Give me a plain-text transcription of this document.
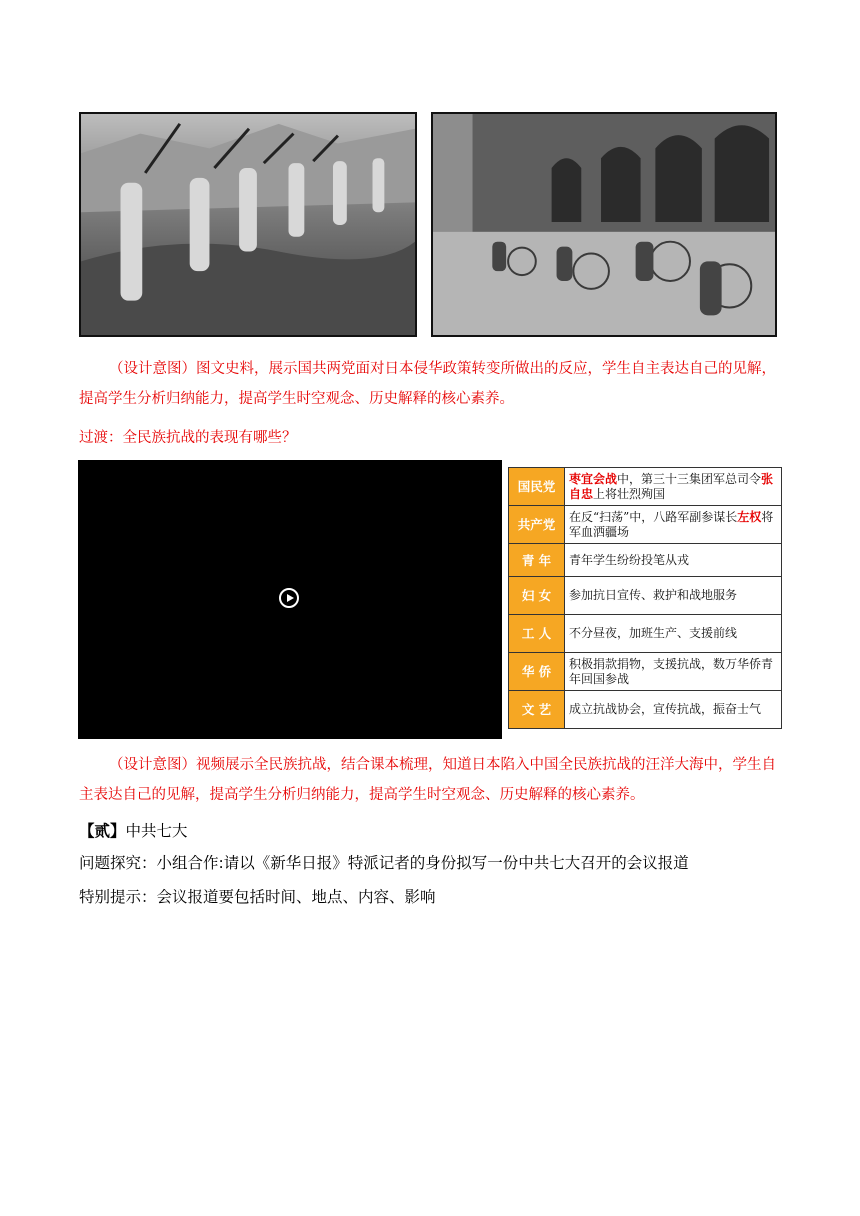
（设计意图）图文史料，展示国共两党面对日本侵华政策转变所做出的反应，学生自主表达自己的见解，提高学生分析归纳能力，提高学生时空观念、历史解释的核心素养。

过渡：全民族抗战的表现有哪些？

国民党	枣宜会战中，第三十三集团军总司令张自忠上将壮烈殉国
共产党	在反“扫荡”中，八路军副参谋长左权将军血洒疆场
青 年	青年学生纷纷投笔从戎
妇 女	参加抗日宣传、救护和战地服务
工 人	不分昼夜，加班生产、支援前线
华 侨	积极捐款捐物，支援抗战，数万华侨青年回国参战
文 艺	成立抗战协会，宣传抗战，振奋士气

（设计意图）视频展示全民族抗战，结合课本梳理，知道日本陷入中国全民族抗战的汪洋大海中，学生自主表达自己的见解，提高学生分析归纳能力，提高学生时空观念、历史解释的核心素养。

【贰】中共七大

问题探究：小组合作:请以《新华日报》特派记者的身份拟写一份中共七大召开的会议报道

特别提示：会议报道要包括时间、地点、内容、影响
